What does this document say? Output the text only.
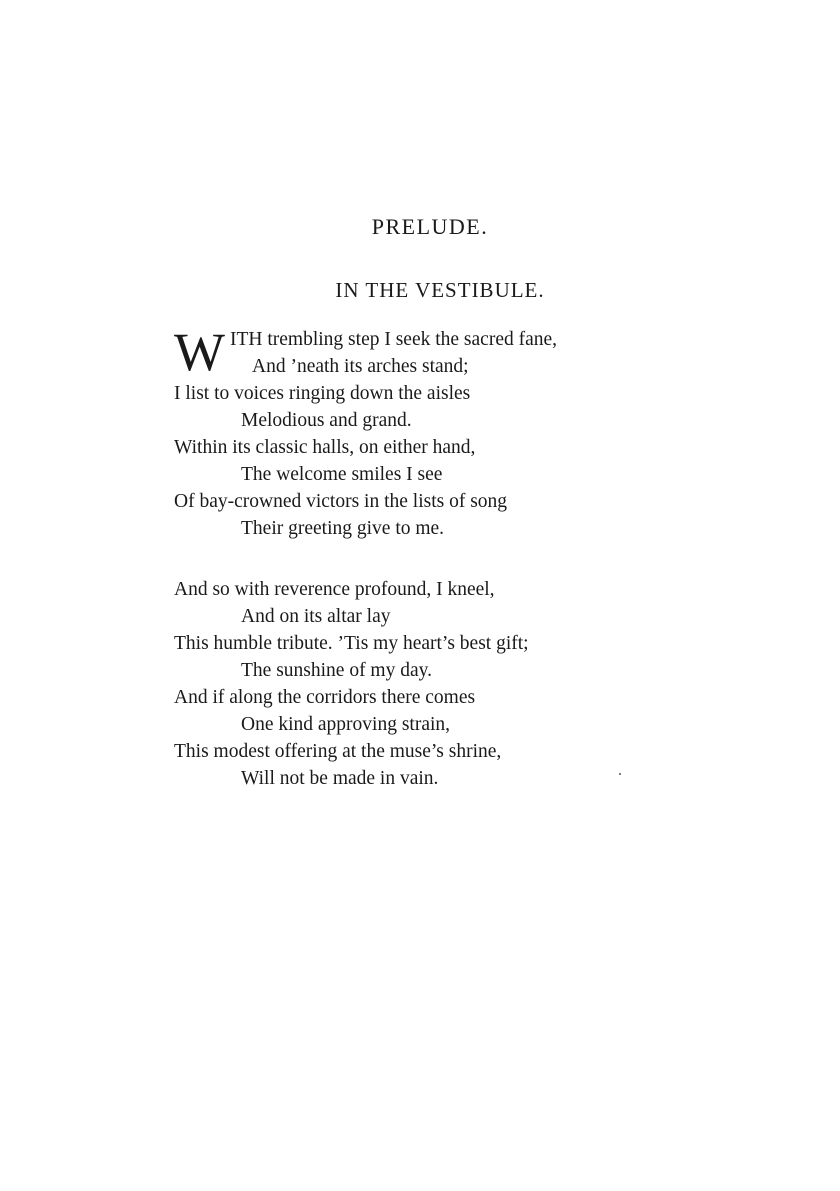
PRELUDE.
IN THE VESTIBULE.
W ITH trembling step I seek the sacred fane,
And ’neath its arches stand;
I list to voices ringing down the aisles
Melodious and grand.
Within its classic halls, on either hand,
The welcome smiles I see
Of bay-crowned victors in the lists of song
Their greeting give to me.
And so with reverence profound, I kneel,
And on its altar lay
This humble tribute. ’Tis my heart’s best gift;
The sunshine of my day.
And if along the corridors there comes
One kind approving strain,
This modest offering at the muse’s shrine,
Will not be made in vain.
